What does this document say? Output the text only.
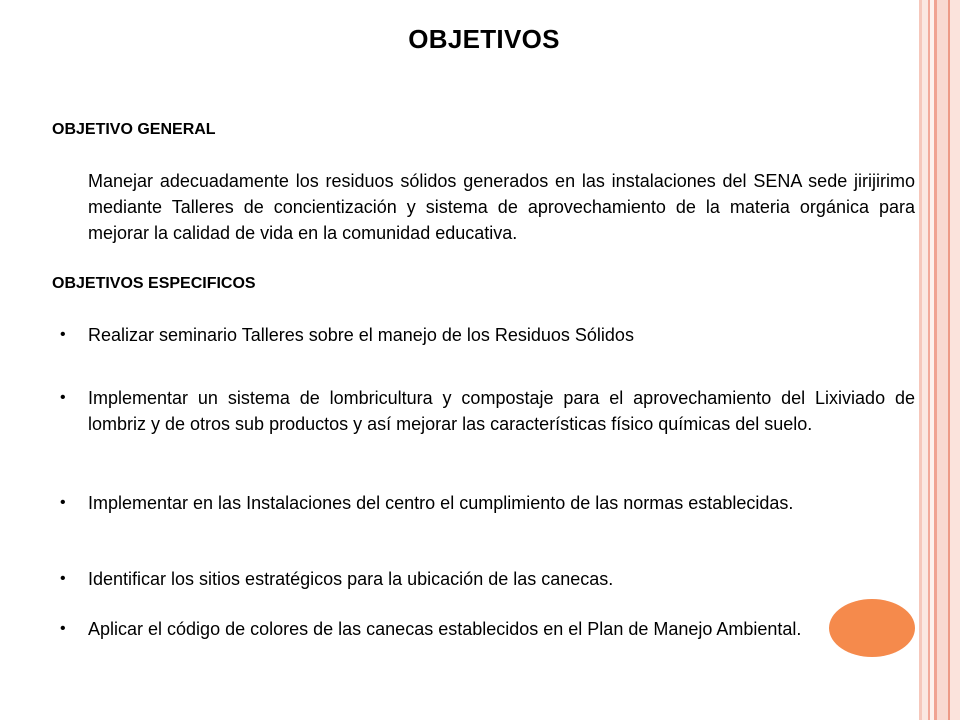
OBJETIVOS
OBJETIVO GENERAL
Manejar adecuadamente los residuos sólidos generados en las instalaciones del SENA sede jirijirimo mediante Talleres de concientización y sistema de aprovechamiento de la materia orgánica para mejorar la calidad de vida en la comunidad educativa.
OBJETIVOS ESPECIFICOS
• Realizar seminario Talleres sobre el manejo de los Residuos Sólidos
• Implementar un sistema de lombricultura y compostaje para el aprovechamiento del Lixiviado de lombriz y de otros sub productos y así mejorar las características físico químicas del suelo.
• Implementar en las Instalaciones del centro el cumplimiento de las normas establecidas.
• Identificar los sitios estratégicos para la ubicación de las canecas.
• Aplicar el código de colores de las canecas establecidos en el Plan de Manejo Ambiental.
